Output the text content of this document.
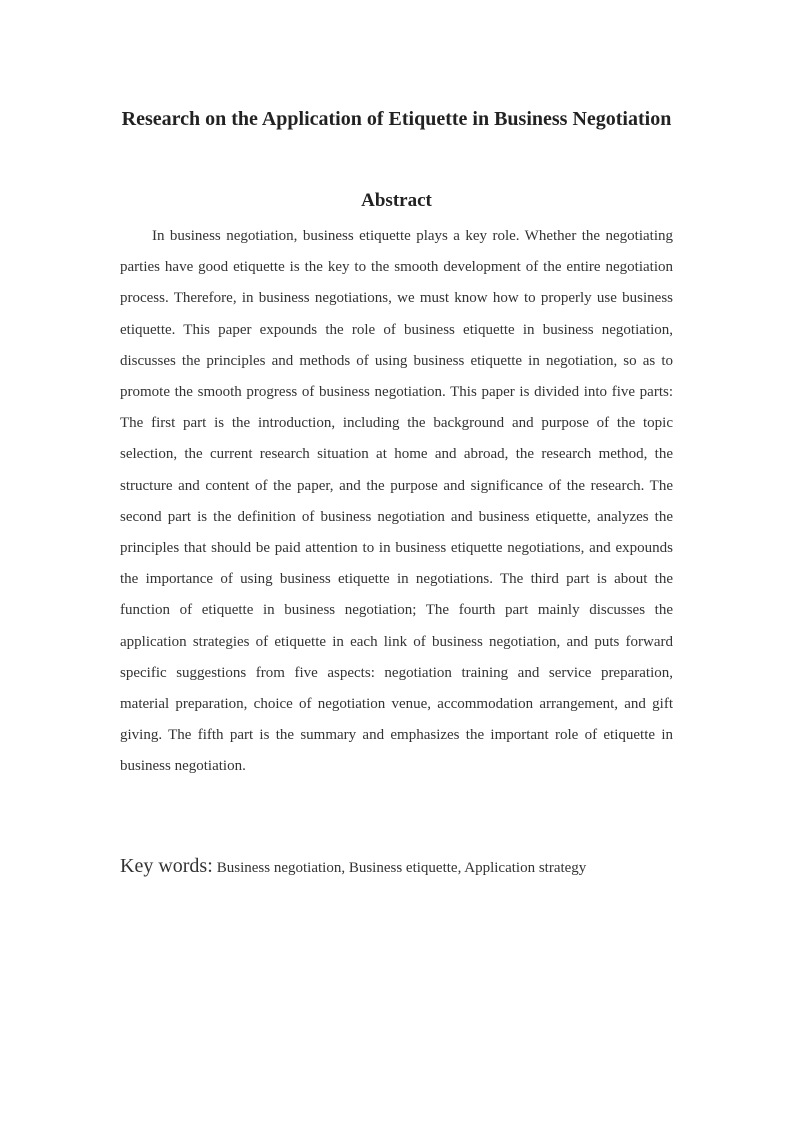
Research on the Application of Etiquette in Business Negotiation
Abstract

In business negotiation, business etiquette plays a key role. Whether the negotiating parties have good etiquette is the key to the smooth development of the entire negotiation process. Therefore, in business negotiations, we must know how to properly use business etiquette. This paper expounds the role of business etiquette in business negotiation, discusses the principles and methods of using business etiquette in negotiation, so as to promote the smooth progress of business negotiation. This paper is divided into five parts: The first part is the introduction, including the background and purpose of the topic selection, the current research situation at home and abroad, the research method, the structure and content of the paper, and the purpose and significance of the research. The second part is the definition of business negotiation and business etiquette, analyzes the principles that should be paid attention to in business etiquette negotiations, and expounds the importance of using business etiquette in negotiations. The third part is about the function of etiquette in business negotiation; The fourth part mainly discusses the application strategies of etiquette in each link of business negotiation, and puts forward specific suggestions from five aspects: negotiation training and service preparation, material preparation, choice of negotiation venue, accommodation arrangement, and gift giving. The fifth part is the summary and emphasizes the important role of etiquette in business negotiation.

Key words: Business negotiation, Business etiquette, Application strategy
